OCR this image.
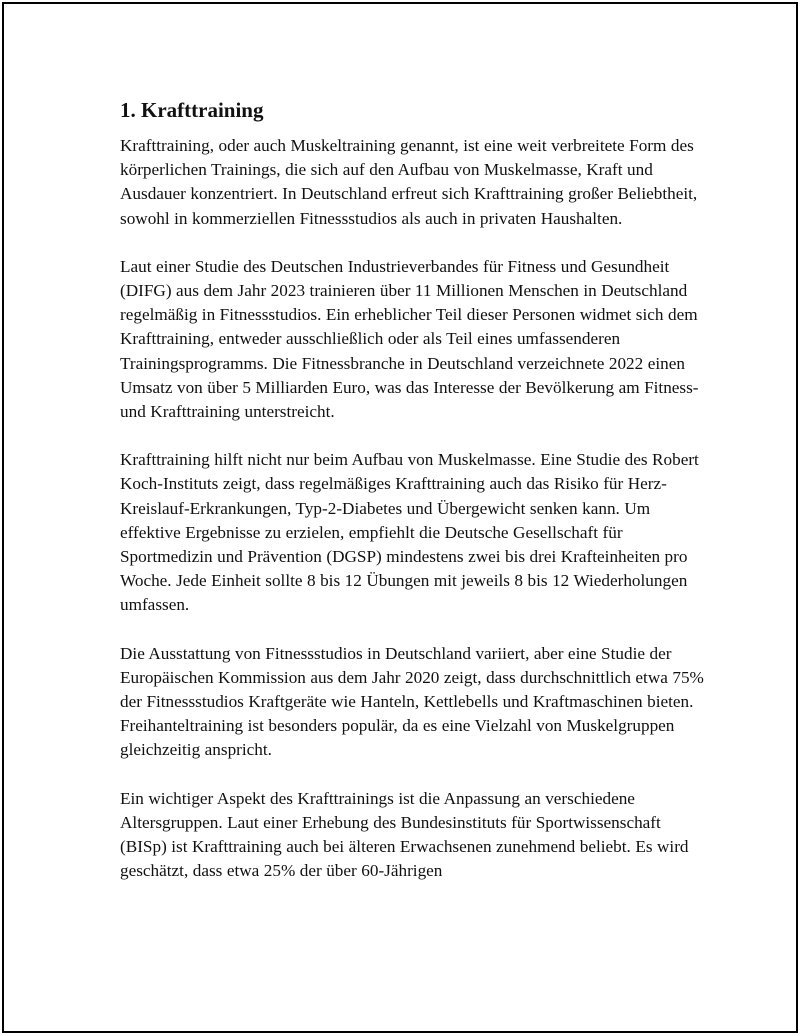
1. Krafttraining

Krafttraining, oder auch Muskeltraining genannt, ist eine weit verbreitete Form des körperlichen Trainings, die sich auf den Aufbau von Muskelmasse, Kraft und Ausdauer konzentriert. In Deutschland erfreut sich Krafttraining großer Beliebtheit, sowohl in kommerziellen Fitnessstudios als auch in privaten Haushalten.

Laut einer Studie des Deutschen Industrieverbandes für Fitness und Gesundheit (DIFG) aus dem Jahr 2023 trainieren über 11 Millionen Menschen in Deutschland regelmäßig in Fitnessstudios. Ein erheblicher Teil dieser Personen widmet sich dem Krafttraining, entweder ausschließlich oder als Teil eines umfassenderen Trainingsprogramms. Die Fitnessbranche in Deutschland verzeichnete 2022 einen Umsatz von über 5 Milliarden Euro, was das Interesse der Bevölkerung am Fitness- und Krafttraining unterstreicht.

Krafttraining hilft nicht nur beim Aufbau von Muskelmasse. Eine Studie des Robert Koch-Instituts zeigt, dass regelmäßiges Krafttraining auch das Risiko für Herz-Kreislauf-Erkrankungen, Typ-2-Diabetes und Übergewicht senken kann. Um effektive Ergebnisse zu erzielen, empfiehlt die Deutsche Gesellschaft für Sportmedizin und Prävention (DGSP) mindestens zwei bis drei Krafteinheiten pro Woche. Jede Einheit sollte 8 bis 12 Übungen mit jeweils 8 bis 12 Wiederholungen umfassen.

Die Ausstattung von Fitnessstudios in Deutschland variiert, aber eine Studie der Europäischen Kommission aus dem Jahr 2020 zeigt, dass durchschnittlich etwa 75% der Fitnessstudios Kraftgeräte wie Hanteln, Kettlebells und Kraftmaschinen bieten. Freihanteltraining ist besonders populär, da es eine Vielzahl von Muskelgruppen gleichzeitig anspricht.

Ein wichtiger Aspekt des Krafttrainings ist die Anpassung an verschiedene Altersgruppen. Laut einer Erhebung des Bundesinstituts für Sportwissenschaft (BISp) ist Krafttraining auch bei älteren Erwachsenen zunehmend beliebt. Es wird geschätzt, dass etwa 25% der über 60-Jährigen
